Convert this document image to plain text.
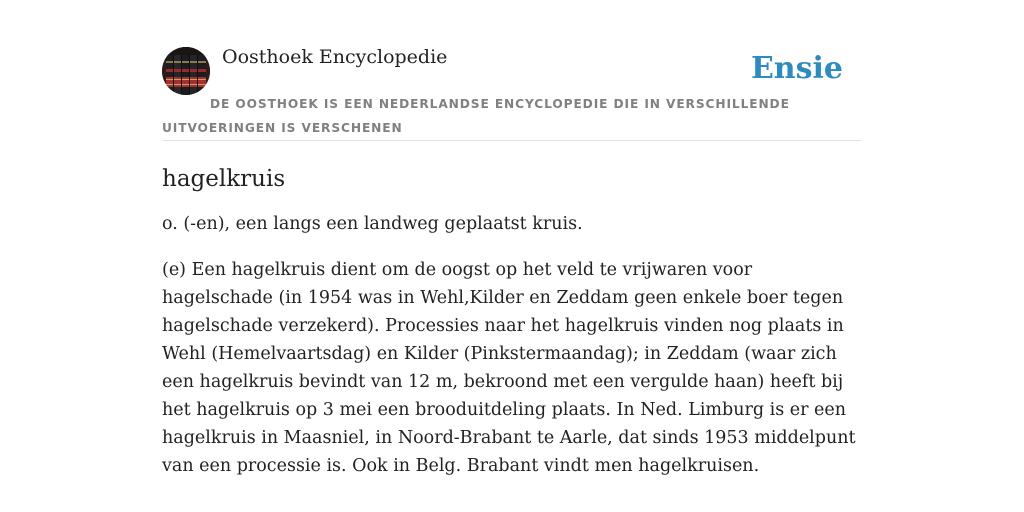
Oosthoek Encyclopedie	Ensie
DE OOSTHOEK IS EEN NEDERLANDSE ENCYCLOPEDIE DIE IN VERSCHILLENDE UITVOERINGEN IS VERSCHENEN
hagelkruis

o. (-en), een langs een landweg geplaatst kruis.

(e) Een hagelkruis dient om de oogst op het veld te vrijwaren voor hagelschade (in 1954 was in Wehl,Kilder en Zeddam geen enkele boer tegen hagelschade verzekerd). Processies naar het hagelkruis vinden nog plaats in Wehl (Hemelvaartsdag) en Kilder (Pinkstermaandag); in Zeddam (waar zich een hagelkruis bevindt van 12 m, bekroond met een vergulde haan) heeft bij het hagelkruis op 3 mei een brooduitdeling plaats. In Ned. Limburg is er een hagelkruis in Maasniel, in Noord-Brabant te Aarle, dat sinds 1953 middelpunt van een processie is. Ook in Belg. Brabant vindt men hagelkruisen.
